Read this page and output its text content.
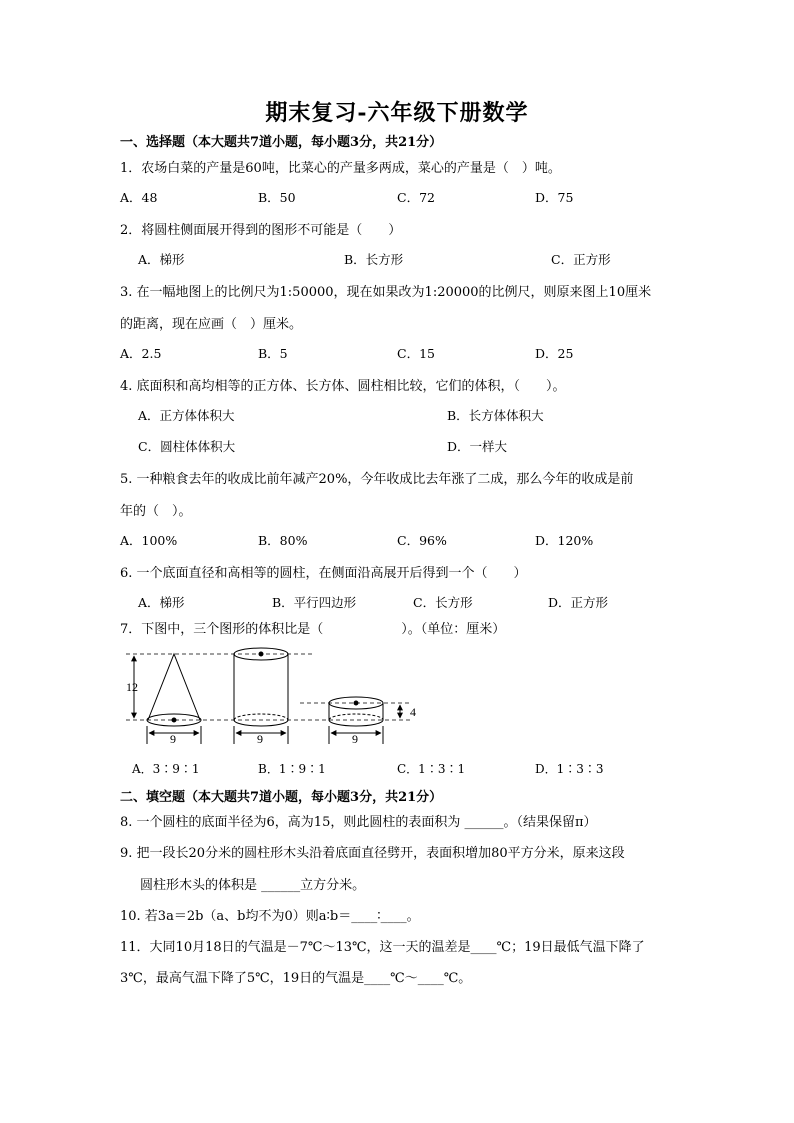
期末复习-六年级下册数学
一、选择题（本大题共7道小题，每小题3分，共21分）
1．农场白菜的产量是60吨，比菜心的产量多两成，菜心的产量是（　）吨。
A．48	B．50	C．72	D．75
2．将圆柱侧面展开得到的图形不可能是（　　）
A．梯形	B．长方形	C．正方形
3. 在一幅地图上的比例尺为1:50000，现在如果改为1:20000的比例尺，则原来图上10厘米
的距离，现在应画（　）厘米。
A．2.5	B．5	C．15	D．25
4. 底面积和高均相等的正方体、长方体、圆柱相比较，它们的体积，（　　）。
A．正方体体积大	B．长方体体积大
C．圆柱体体积大	D．一样大
5. 一种粮食去年的收成比前年减产20%，今年收成比去年涨了二成，那么今年的收成是前
年的（　）。
A．100%	B．80%	C．96%	D．120%
6. 一个底面直径和高相等的圆柱，在侧面沿高展开后得到一个（　　）
A．梯形	B．平行四边形	C．长方形	D．正方形
7．下图中，三个图形的体积比是（　　　　　　）。（单位：厘米）
12
4
9	9	9
A．3∶9∶1	B．1∶9∶1	C．1∶3∶1	D．1∶3∶3
二、填空题（本大题共7道小题，每小题3分，共21分）
8. 一个圆柱的底面半径为6，高为15，则此圆柱的表面积为 ______。（结果保留π）
9. 把一段长20分米的圆柱形木头沿着底面直径劈开，表面积增加80平方分米，原来这段
圆柱形木头的体积是 ______立方分米。
10. 若3a＝2b（a、b均不为0）则a∶b＝____∶____。
11．大同10月18日的气温是－7℃～13℃，这一天的温差是____℃；19日最低气温下降了
3℃，最高气温下降了5℃，19日的气温是____℃～____℃。
